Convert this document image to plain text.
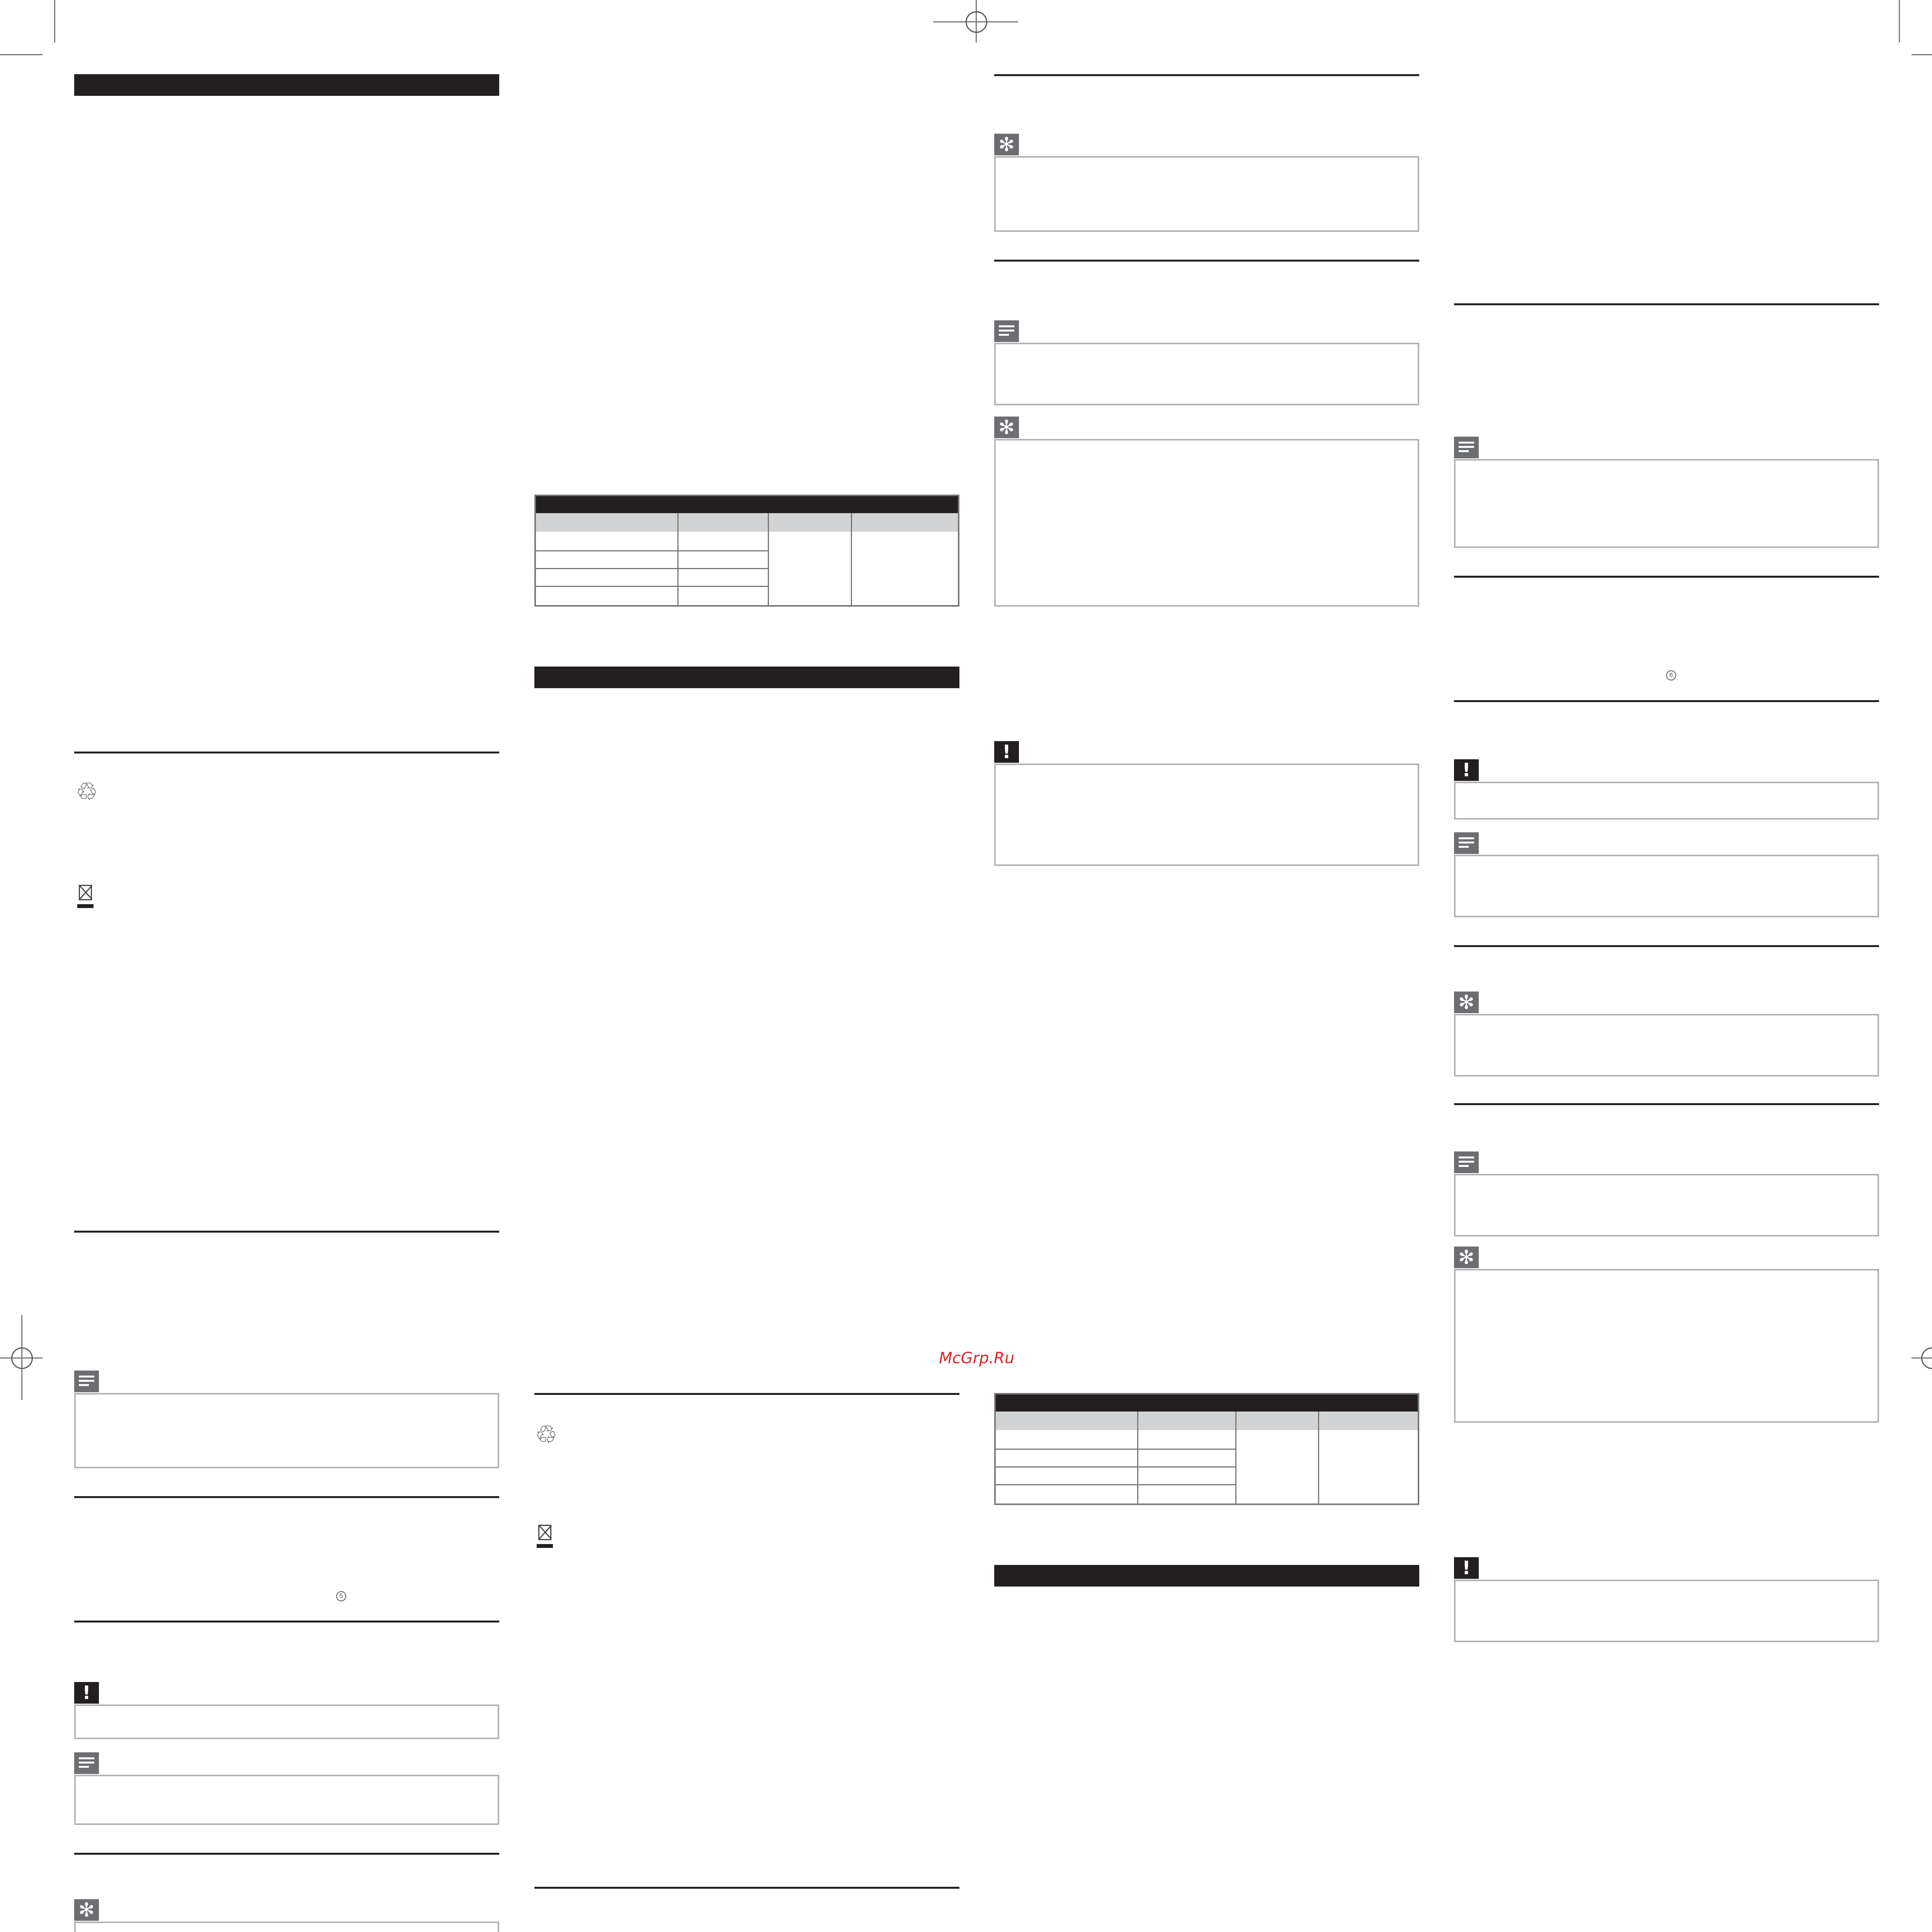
♲
5
!
✻
♲
✻
✻
!
6
!
✻
✻
!
McGrp.Ru
